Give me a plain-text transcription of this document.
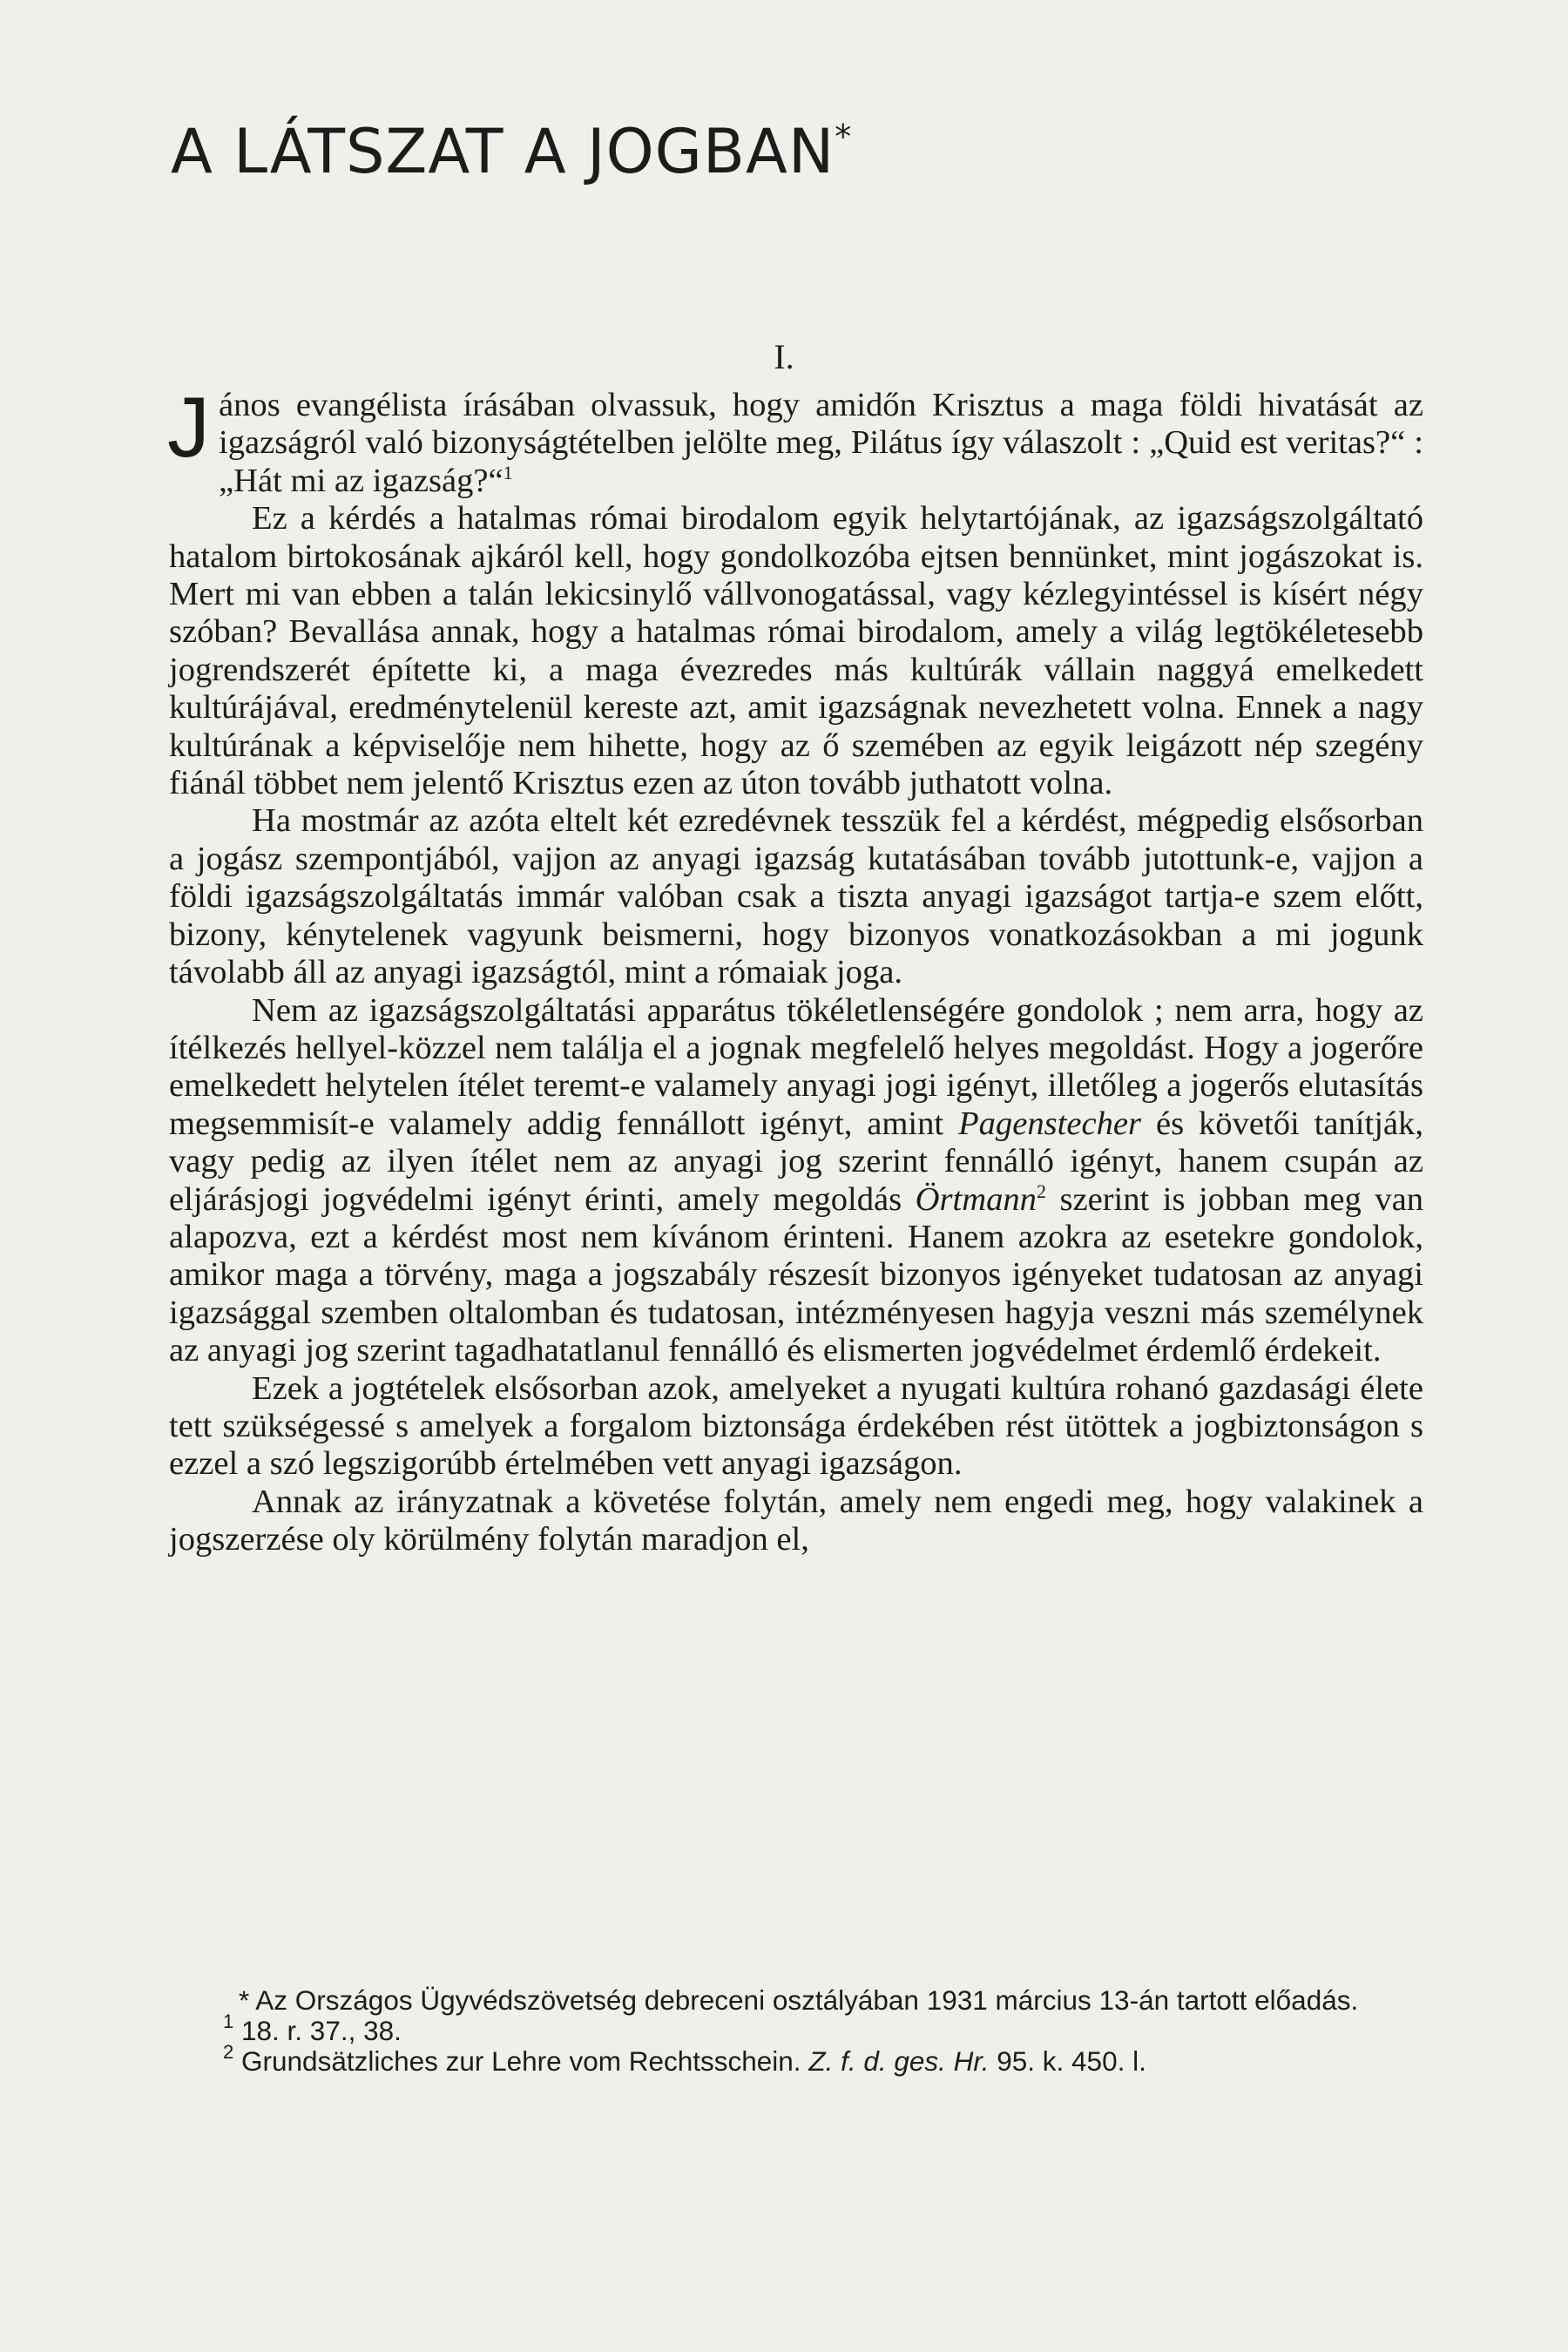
A LÁTSZAT A JOGBAN*
I.

János evangélista írásában olvassuk, hogy amidőn Krisztus a maga földi hivatását az igazságról való bizonyságtételben jelölte meg, Pilátus így válaszolt : „Quid est veritas?“ : „Hát mi az igazság?“$^1$

Ez a kérdés a hatalmas római birodalom egyik helytartójának, az igazságszolgáltató hatalom birtokosának ajkáról kell, hogy gondolkozóba ejtsen bennünket, mint jogászokat is. Mert mi van ebben a talán lekicsinylő vállvonogatással, vagy kézlegyintéssel is kísért négy szóban? Bevallása annak, hogy a hatalmas római birodalom, amely a világ legtökéletesebb jogrendszerét építette ki, a maga évezredes más kultúrák vállain naggyá emelkedett kultúrájával, eredménytelenül kereste azt, amit igazságnak nevezhetett volna. Ennek a nagy kultúrának a képviselője nem hihette, hogy az ő szemében az egyik leigázott nép szegény fiánál többet nem jelentő Krisztus ezen az úton tovább juthatott volna.

Ha mostmár az azóta eltelt két ezredévnek tesszük fel a kérdést, mégpedig elsősorban a jogász szempontjából, vajjon az anyagi igazság kutatásában tovább jutottunk-e, vajjon a földi igazságszolgáltatás immár valóban csak a tiszta anyagi igazságot tartja-e szem előtt, bizony, kénytelenek vagyunk beismerni, hogy bizonyos vonatkozásokban a mi jogunk távolabb áll az anyagi igazságtól, mint a rómaiak joga.

Nem az igazságszolgáltatási apparátus tökéletlenségére gondolok ; nem arra, hogy az ítélkezés hellyel-közzel nem találja el a jognak megfelelő helyes megoldást. Hogy a jogerőre emelkedett helytelen ítélet teremt-e valamely anyagi jogi igényt, illetőleg a jogerős elutasítás megsemmisít-e valamely addig fennállott igényt, amint Pagenstecher és követői tanítják, vagy pedig az ilyen ítélet nem az anyagi jog szerint fennálló igényt, hanem csupán az eljárásjogi jogvédelmi igényt érinti, amely megoldás Örtmann$^2$ szerint is jobban meg van alapozva, ezt a kérdést most nem kívánom érinteni. Hanem azokra az esetekre gondolok, amikor maga a törvény, maga a jogszabály részesít bizonyos igényeket tudatosan az anyagi igazsággal szemben oltalomban és tudatosan, intézményesen hagyja veszni más személynek az anyagi jog szerint tagadhatatlanul fennálló és elismerten jogvédelmet érdemlő érdekeit.

Ezek a jogtételek elsősorban azok, amelyeket a nyugati kultúra rohanó gazdasági élete tett szükségessé s amelyek a forgalom biztonsága érdekében rést ütöttek a jogbiztonságon s ezzel a szó legszigorúbb értelmében vett anyagi igazságon.

Annak az irányzatnak a követése folytán, amely nem engedi meg, hogy valakinek a jogszerzése oly körülmény folytán maradjon el,

* Az Országos Ügyvédszövetség debreceni osztályában 1931 március 13-án tartott előadás.

$^1$ 18. r. 37., 38.

$^2$ Grundsätzliches zur Lehre vom Rechtsschein. Z. f. d. ges. Hr. 95. k. 450. l.
